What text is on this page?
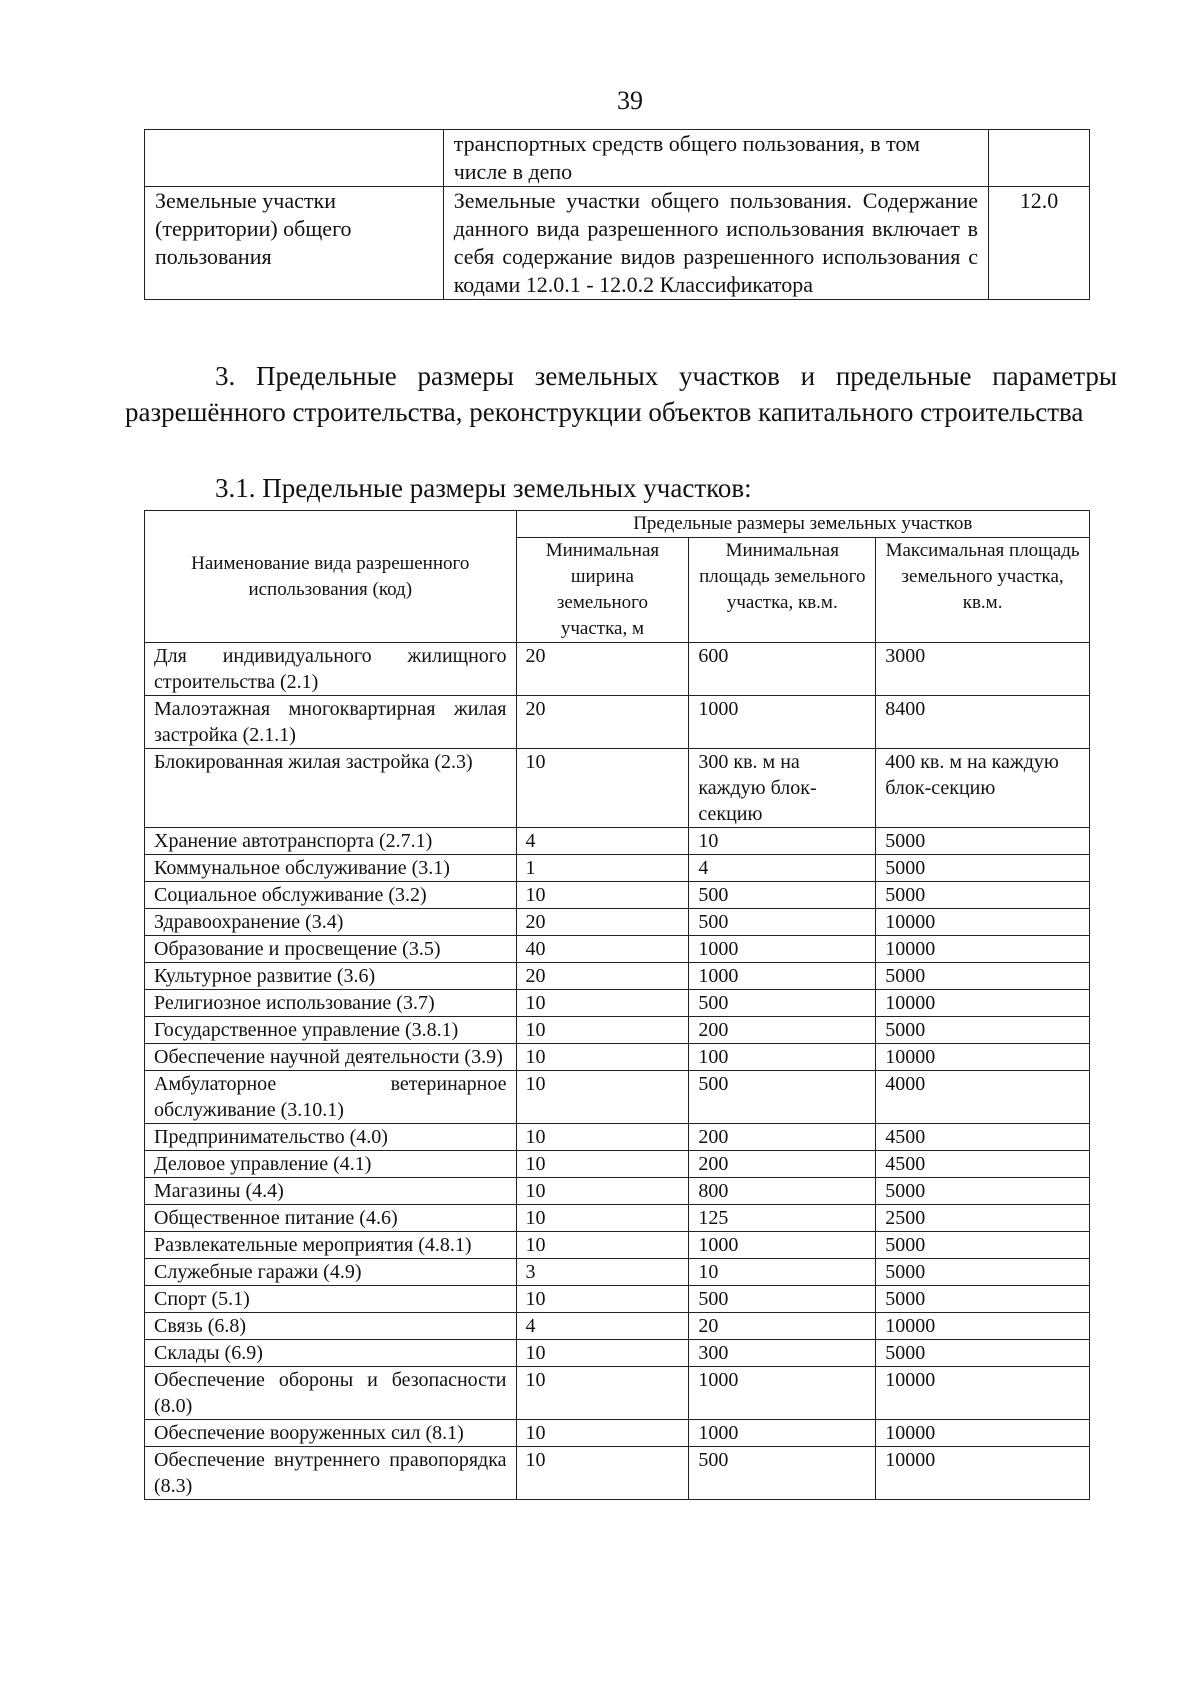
39
	транспортных средств общего пользования, в том числе в депо	
Земельные участки (территории) общего пользования	Земельные участки общего пользования. Содержание данного вида разрешенного использования включает в себя содержание видов разрешенного использования с кодами 12.0.1 - 12.0.2 Классификатора	12.0
3. Предельные размеры земельных участков и предельные параметры разрешённого строительства, реконструкции объектов капитального строительства
3.1. Предельные размеры земельных участков:
Наименование вида разрешенного использования (код)	Предельные размеры земельных участков		
	Минимальная ширина земельного участка, м	Минимальная площадь земельного участка, кв.м.	Максимальная площадь земельного участка, кв.м.
Для индивидуального жилищного строительства (2.1)	20	600	3000
Малоэтажная многоквартирная жилая застройка (2.1.1)	20	1000	8400
Блокированная жилая застройка (2.3)	10	300 кв. м на каждую блок-секцию	400 кв. м на каждую блок-секцию
Хранение автотранспорта (2.7.1)	4	10	5000
Коммунальное обслуживание (3.1)	1	4	5000
Социальное обслуживание (3.2)	10	500	5000
Здравоохранение (3.4)	20	500	10000
Образование и просвещение (3.5)	40	1000	10000
Культурное развитие (3.6)	20	1000	5000
Религиозное использование (3.7)	10	500	10000
Государственное управление (3.8.1)	10	200	5000
Обеспечение научной деятельности (3.9)	10	100	10000
Амбулаторное ветеринарное обслуживание (3.10.1)	10	500	4000
Предпринимательство (4.0)	10	200	4500
Деловое управление (4.1)	10	200	4500
Магазины (4.4)	10	800	5000
Общественное питание (4.6)	10	125	2500
Развлекательные мероприятия (4.8.1)	10	1000	5000
Служебные гаражи (4.9)	3	10	5000
Спорт (5.1)	10	500	5000
Связь (6.8)	4	20	10000
Склады (6.9)	10	300	5000
Обеспечение обороны и безопасности (8.0)	10	1000	10000
Обеспечение вооруженных сил (8.1)	10	1000	10000
Обеспечение внутреннего правопорядка (8.3)	10	500	10000
